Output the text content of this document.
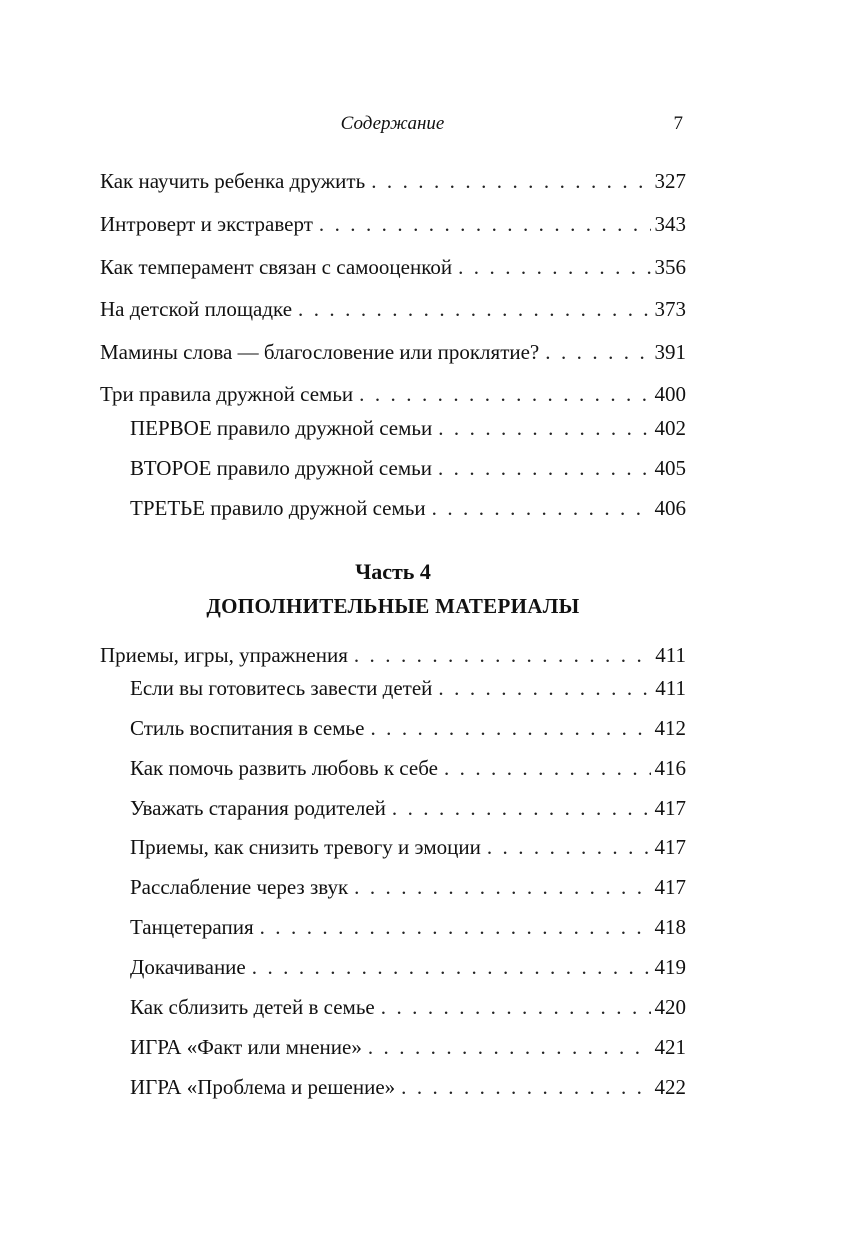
Содержание	7
Как научить ребенка дружить . . .	327
Интроверт и экстраверт . . .	343
Как темперамент связан с самооценкой . . .	356
На детской площадке . . .	373
Мамины слова — благословение или проклятие? . . .	391
Три правила дружной семьи . . .	400
ПЕРВОЕ правило дружной семьи . . .	402
ВТОРОЕ правило дружной семьи . . .	405
ТРЕТЬЕ правило дружной семьи . . .	406
Часть 4
ДОПОЛНИТЕЛЬНЫЕ МАТЕРИАЛЫ
Приемы, игры, упражнения . . .	411
Если вы готовитесь завести детей . . .	411
Стиль воспитания в семье . . .	412
Как помочь развить любовь к себе . . .	416
Уважать старания родителей . . .	417
Приемы, как снизить тревогу и эмоции . . .	417
Расслабление через звук . . .	417
Танцетерапия . . .	418
Докачивание . . .	419
Как сблизить детей в семье . . .	420
ИГРА «Факт или мнение» . . .	421
ИГРА «Проблема и решение» . . .	422
